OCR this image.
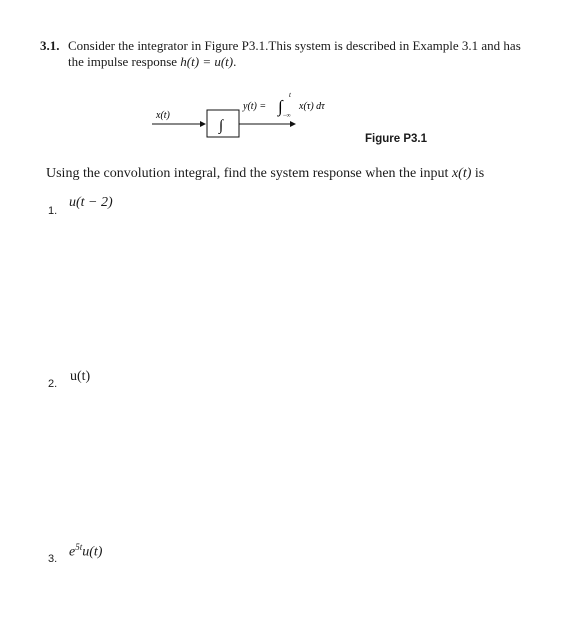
3.1. Consider the integrator in Figure P3.1.This system is described in Example 3.1 and has
the impulse response h(t) = u(t).
x(t)
∫
y(t) = ∫
t
−∞
x(τ) dτ
Figure P3.1
Using the convolution integral, find the system response when the input x(t) is
1.
u(t − 2)
2. u(t)
3. $e^{5t}u(t)$
